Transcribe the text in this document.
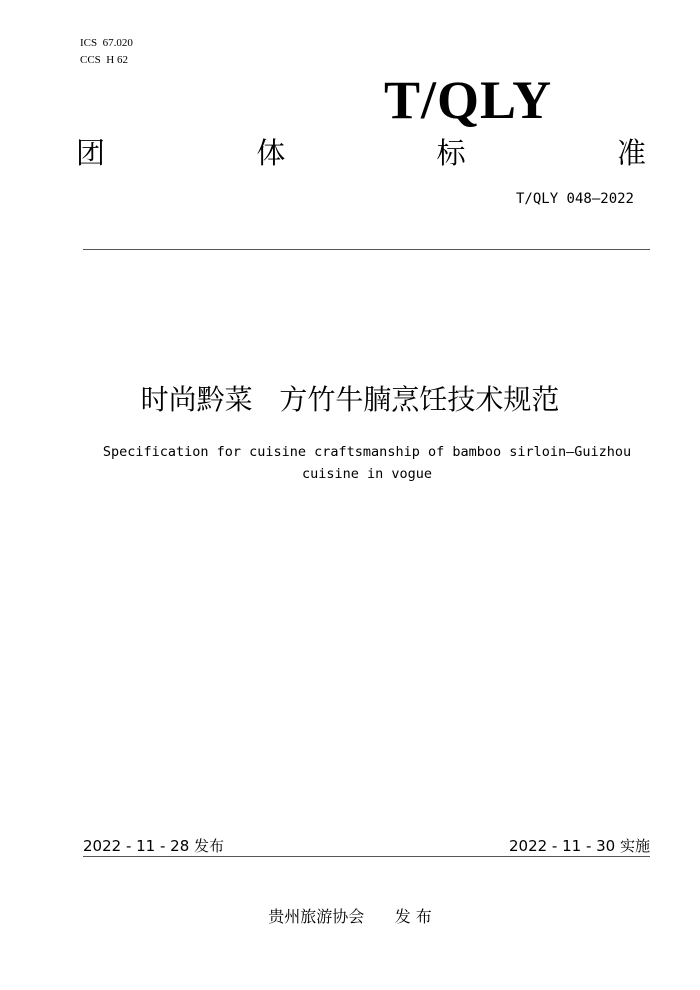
ICS  67.020
CCS  H 62
T/QLY
团	体	标	准
T/QLY 048—2022
时尚黔菜   方竹牛腩烹饪技术规范
Specification for cuisine craftsmanship of bamboo sirloin—Guizhou cuisine in vogue
2022 - 11 - 28 发布	2022 - 11 - 30 实施
贵州旅游协会      发 布
